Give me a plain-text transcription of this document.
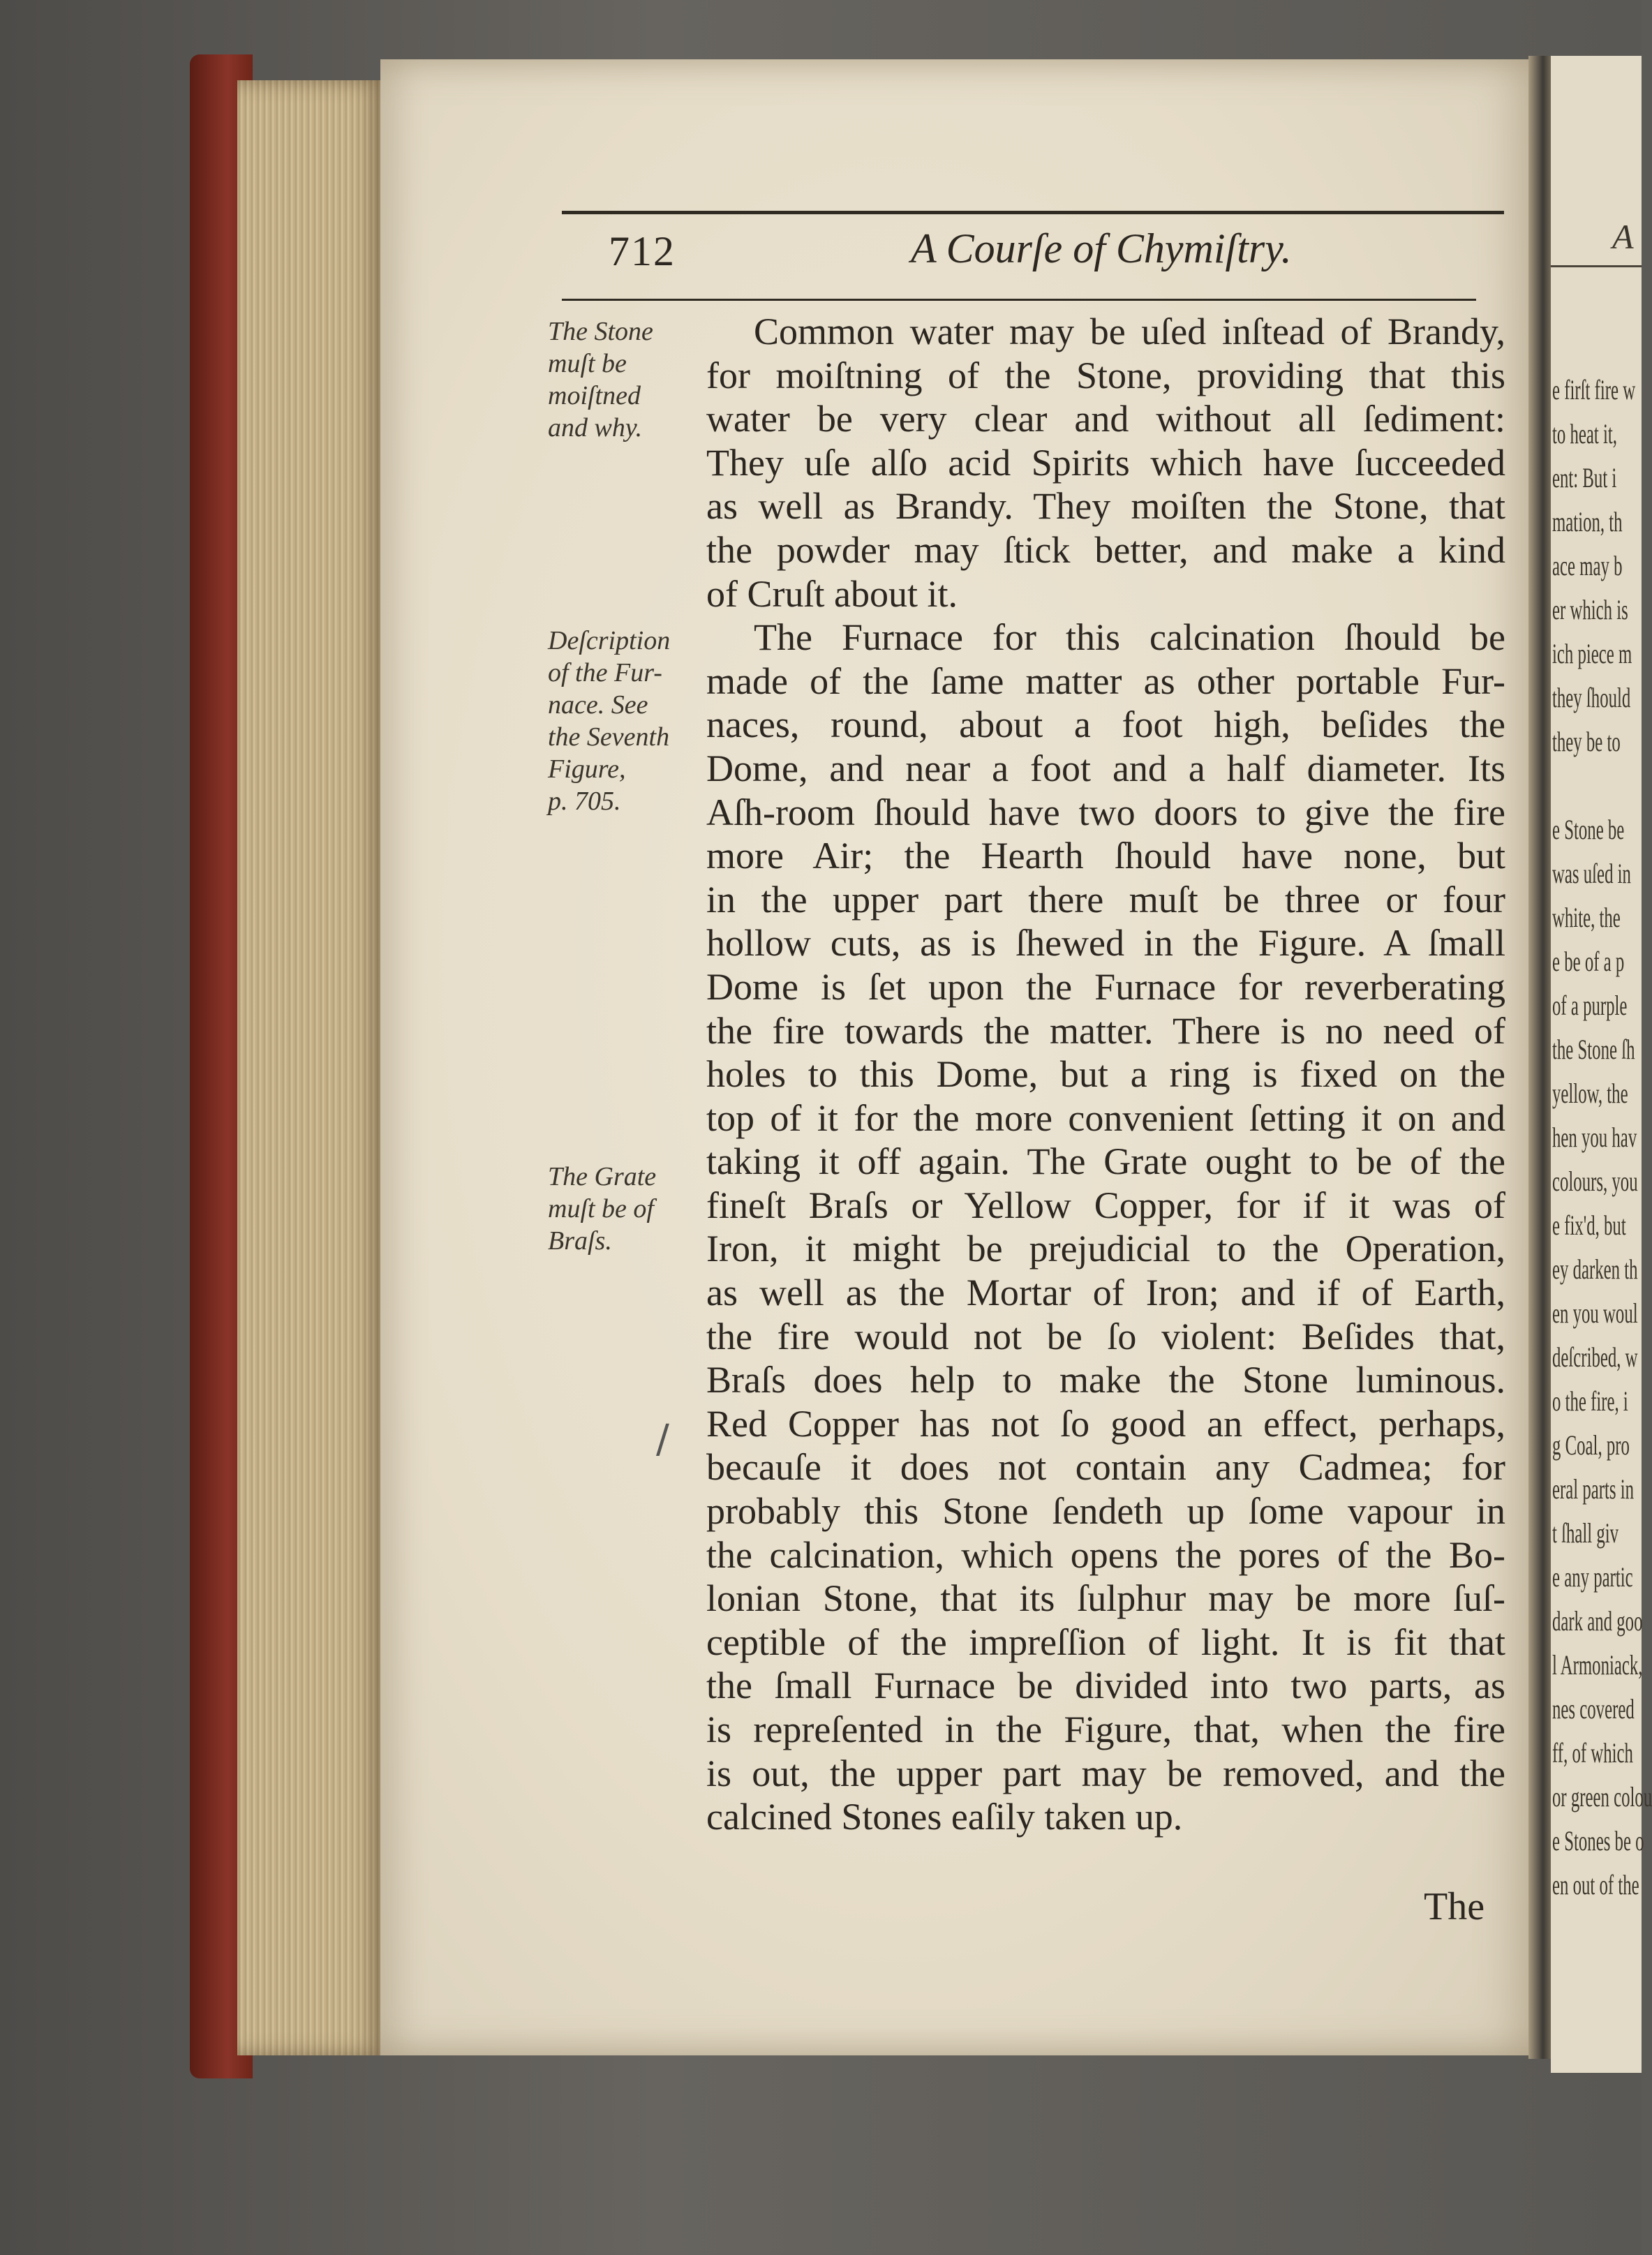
712	A Courſe of Chymiſtry.
The Stone
muſt be
moiſtned
and why.
Deſcription
of the Fur-
nace. See
the Seventh
Figure,
p. 705.
The Grate
muſt be of
Braſs.
Common water may be uſed inſtead of Brandy,
for moiſtning of the Stone, providing that this
water be very clear and without all ſediment:
They uſe alſo acid Spirits which have ſucceeded
as well as Brandy. They moiſten the Stone, that
the powder may ſtick better, and make a kind
of Cruſt about it.
The Furnace for this calcination ſhould be
made of the ſame matter as other portable Fur-
naces, round, about a foot high, beſides the
Dome, and near a foot and a half diameter. Its
Aſh-room ſhould have two doors to give the fire
more Air; the Hearth ſhould have none, but
in the upper part there muſt be three or four
hollow cuts, as is ſhewed in the Figure. A ſmall
Dome is ſet upon the Furnace for reverberating
the fire towards the matter. There is no need of
holes to this Dome, but a ring is fixed on the
top of it for the more convenient ſetting it on and
taking it off again. The Grate ought to be of the
fineſt Braſs or Yellow Copper, for if it was of
Iron, it might be prejudicial to the Operation,
as well as the Mortar of Iron; and if of Earth,
the fire would not be ſo violent: Beſides that,
Braſs does help to make the Stone luminous.
Red Copper has not ſo good an effect, perhaps,
becauſe it does not contain any Cadmea; for
probably this Stone ſendeth up ſome vapour in
the calcination, which opens the pores of the Bo-
lonian Stone, that its ſulphur may be more ſuſ-
ceptible of the impreſſion of light. It is fit that
the ſmall Furnace be divided into two parts, as
is repreſented in the Figure, that, when the fire
is out, the upper part may be removed, and the
calcined Stones eaſily taken up.
/
The
A
e firſt fire w
to heat it,
ent: But i
mation, th
ace may b
er which is
ich piece m
they ſhould
they be to
e Stone be
was uſed in
white, the
e be of a p
of a purple
the Stone ſh
yellow, the
hen you hav
colours, you
e fix'd, but
ey darken th
en you woul
deſcribed, w
o the fire, i
g Coal, pro
eral parts in
t ſhall giv
e any partic
dark and goo
l Armoniack,
nes covered
ff, of which
or green colou
e Stones be o
en out of the
